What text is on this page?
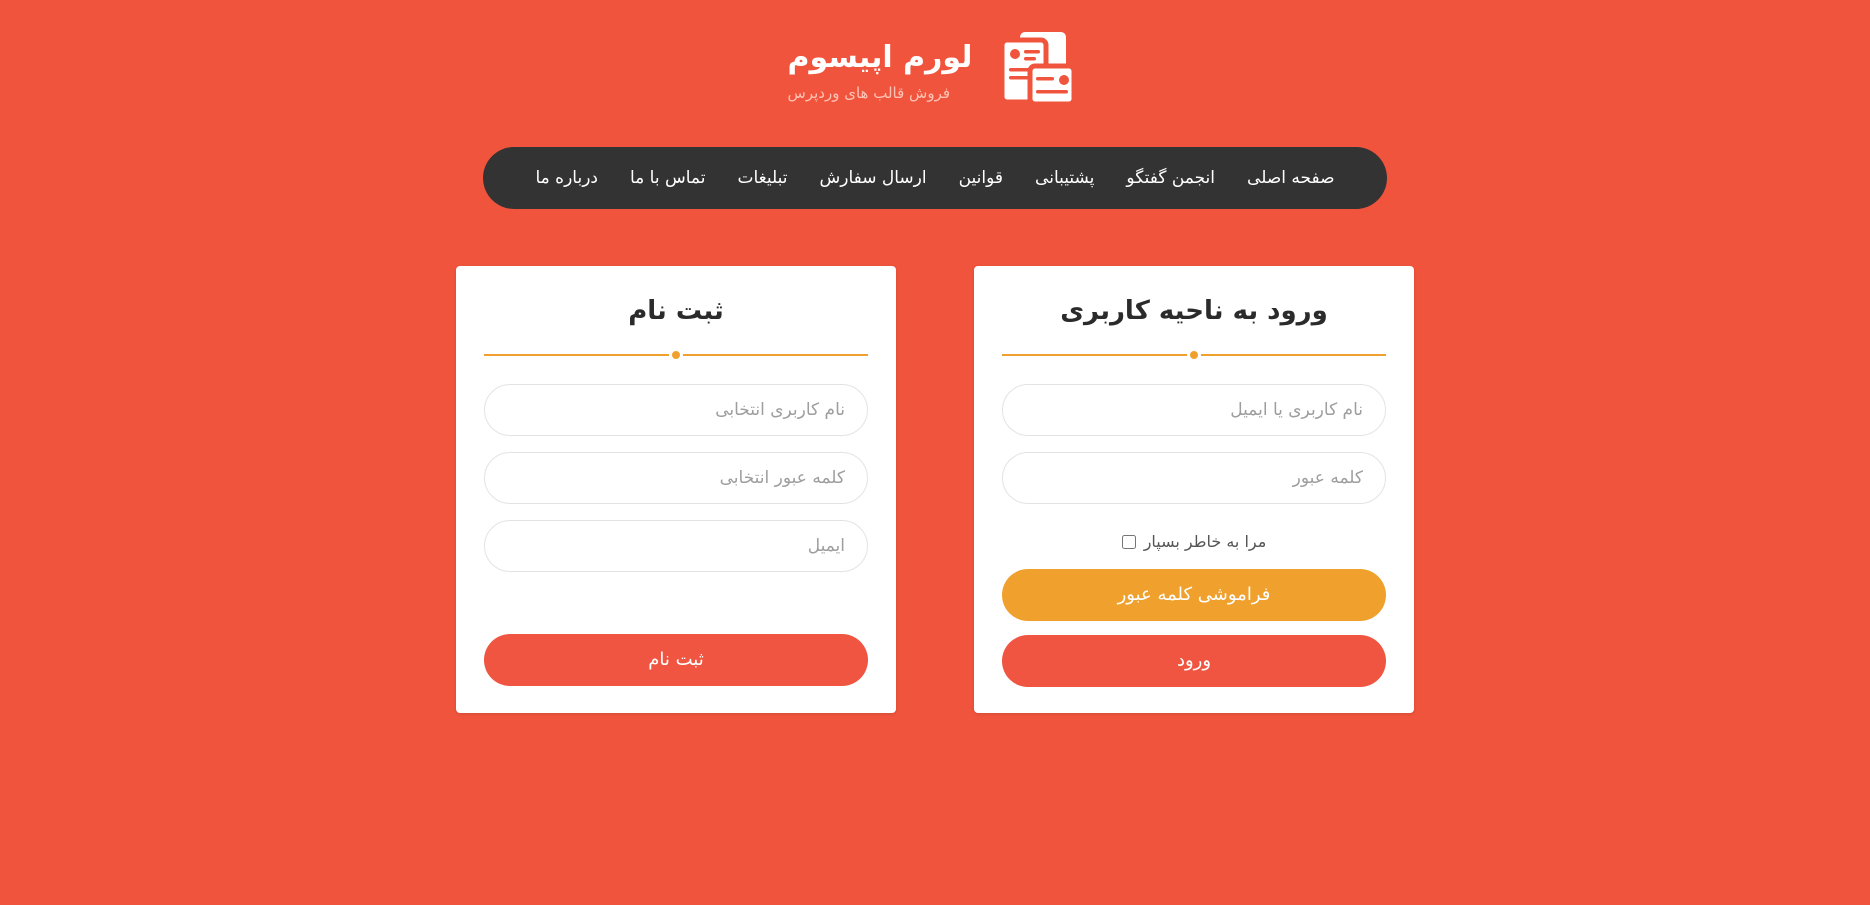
لورم اپیسوم
فروش قالب های وردپرس
صفحه اصلی
انجمن گفتگو
پشتیبانی
قوانین
ارسال سفارش
تبلیغات
تماس با ما
درباره ما
ورود به ناحیه کاربری
نام کاربری یا ایمیل
مرا به خاطر بسپار
فراموشی کلمه عبور
ورود
ثبت نام
نام کاربری انتخابی  ایمیل
ثبت نام
